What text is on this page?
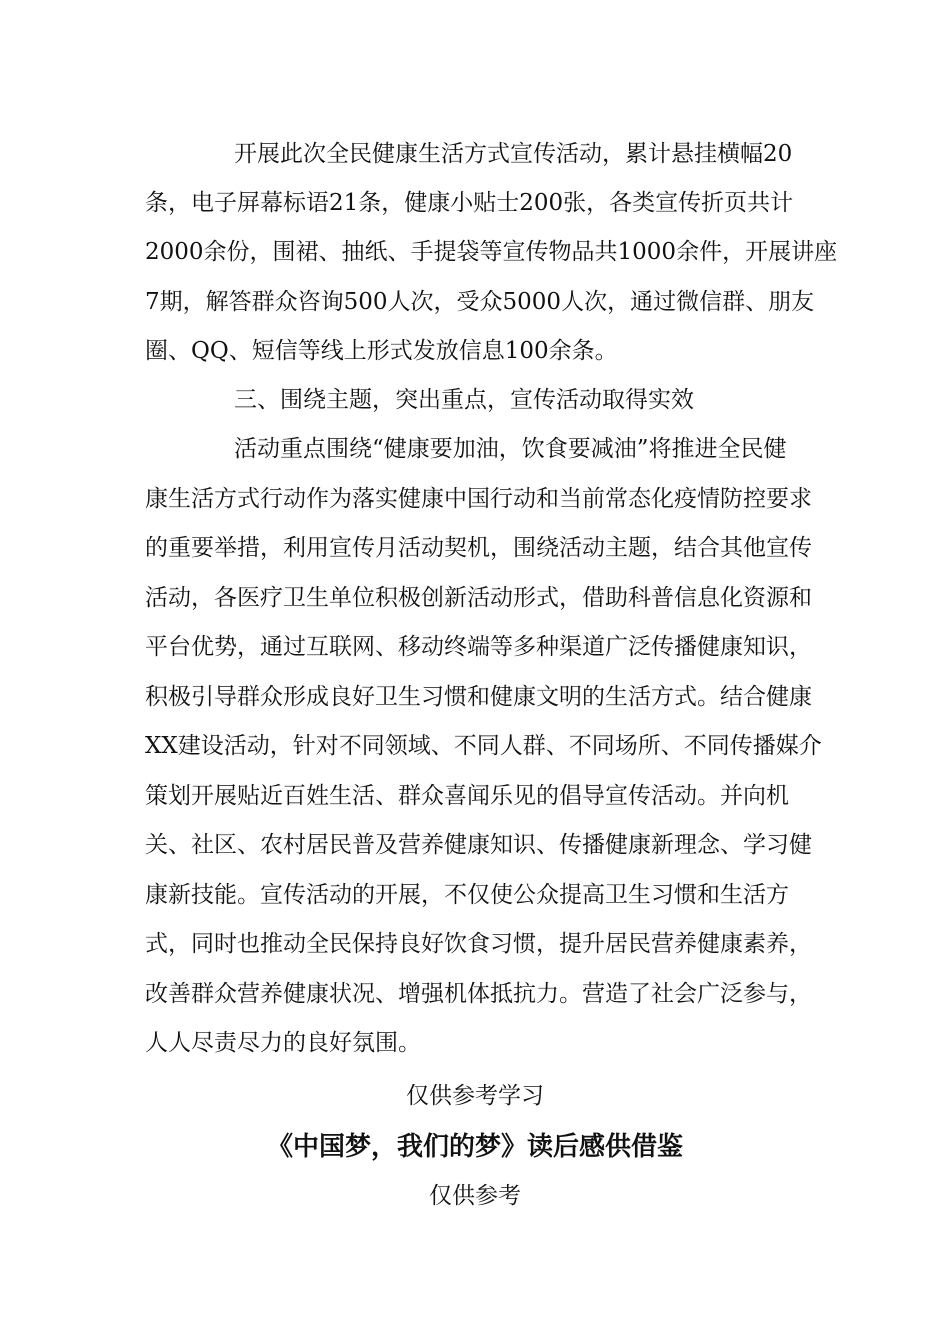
开展此次全民健康生活方式宣传活动，累计悬挂横幅20
条，电子屏幕标语21条，健康小贴士200张，各类宣传折页共计
2000余份，围裙、抽纸、手提袋等宣传物品共1000余件，开展讲座
7期，解答群众咨询500人次，受众5000人次，通过微信群、朋友
圈、QQ、短信等线上形式发放信息100余条。
三、围绕主题，突出重点，宣传活动取得实效
活动重点围绕“健康要加油，饮食要减油”将推进全民健
康生活方式行动作为落实健康中国行动和当前常态化疫情防控要求
的重要举措，利用宣传月活动契机，围绕活动主题，结合其他宣传
活动，各医疗卫生单位积极创新活动形式，借助科普信息化资源和
平台优势，通过互联网、移动终端等多种渠道广泛传播健康知识，
积极引导群众形成良好卫生习惯和健康文明的生活方式。结合健康
XX建设活动，针对不同领域、不同人群、不同场所、不同传播媒介
策划开展贴近百姓生活、群众喜闻乐见的倡导宣传活动。并向机
关、社区、农村居民普及营养健康知识、传播健康新理念、学习健
康新技能。宣传活动的开展，不仅使公众提高卫生习惯和生活方
式，同时也推动全民保持良好饮食习惯，提升居民营养健康素养，
改善群众营养健康状况、增强机体抵抗力。营造了社会广泛参与，
人人尽责尽力的良好氛围。
仅供参考学习
《中国梦，我们的梦》读后感供借鉴
仅供参考
